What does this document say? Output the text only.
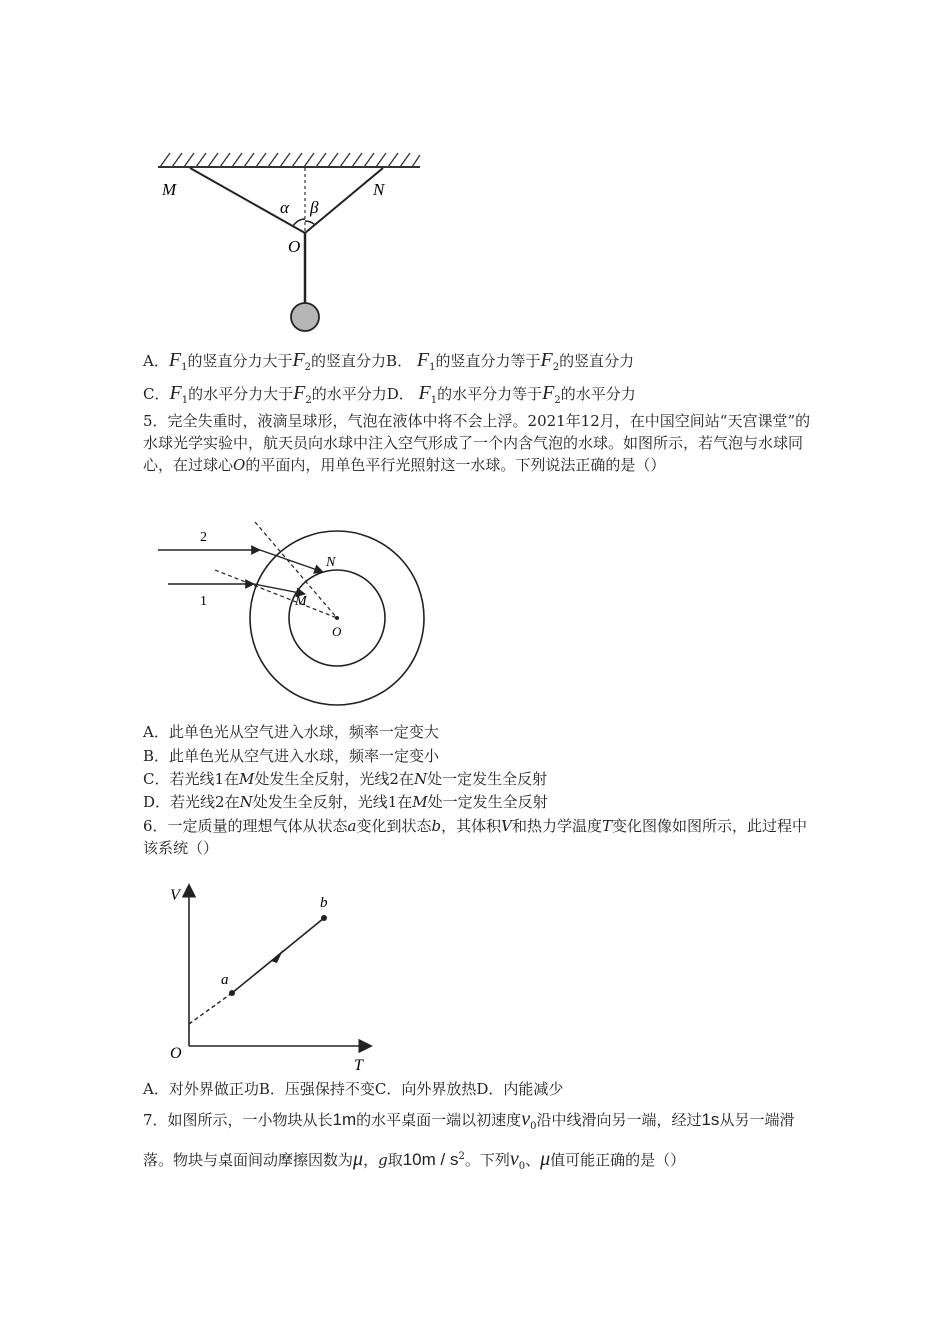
M	N
α β
O
A．$F_1$的竖直分力大于$F_2$的竖直分力B． $F_1$的竖直分力等于$F_2$的竖直分力
C．$F_1$的水平分力大于$F_2$的水平分力D． $F_1$的水平分力等于$F_2$的水平分力
5．完全失重时，液滴呈球形，气泡在液体中将不会上浮。2021年12月，在中国空间站“天宫课堂”的水球光学实验中，航天员向水球中注入空气形成了一个内含气泡的水球。如图所示，若气泡与水球同心，在过球心O的平面内，用单色平行光照射这一水球。下列说法正确的是（）
2
1
N
M
O
A．此单色光从空气进入水球，频率一定变大
B．此单色光从空气进入水球，频率一定变小
C．若光线1在M处发生全反射，光线2在N处一定发生全反射
D．若光线2在N处发生全反射，光线1在M处一定发生全反射
6．一定质量的理想气体从状态a变化到状态b，其体积V和热力学温度T变化图像如图所示，此过程中该系统（）
V
T
O
a
b
A．对外界做正功B．压强保持不变C．向外界放热D．内能减少
7．如图所示，一小物块从长1m的水平桌面一端以初速度$v_0$沿中线滑向另一端，经过1s从另一端滑落。物块与桌面间动摩擦因数为μ，g取$10m / s^2$。下列$v_0$、μ值可能正确的是（）
